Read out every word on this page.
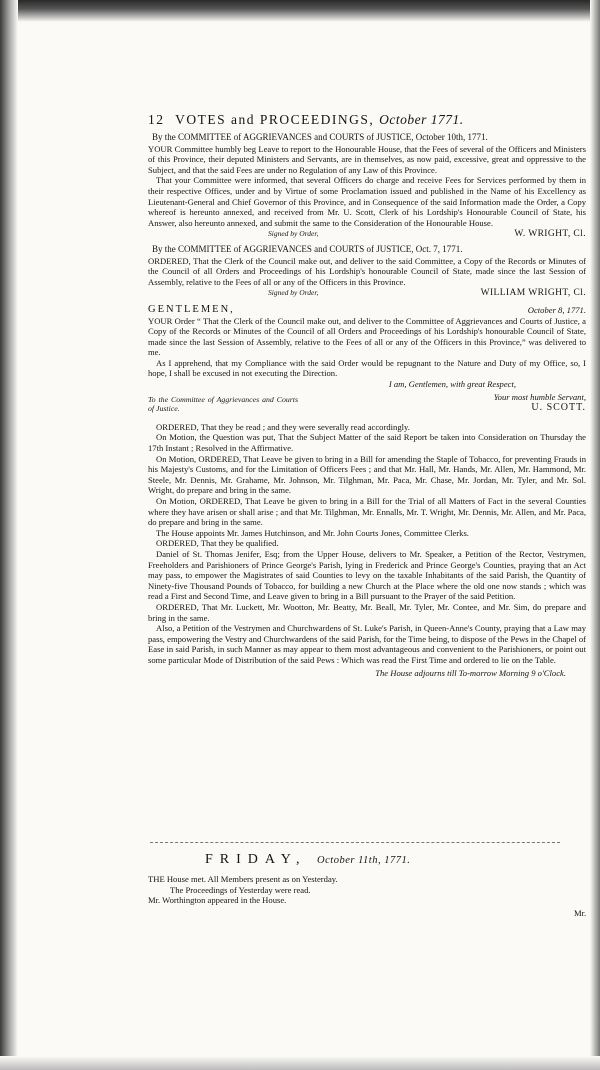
12 VOTES and PROCEEDINGS, October 1771.
By the COMMITTEE of AGGRIEVANCES and COURTS of JUSTICE, October 10th, 1771.

YOUR Committee humbly beg Leave to report to the Honourable House, that the Fees of several of the Officers and Ministers of this Province, their deputed Ministers and Servants, are in themselves, as now paid, excessive, great and oppressive to the Subject, and that the said Fees are under no Regulation of any Law of this Province.

That your Committee were informed, that several Officers do charge and receive Fees for Services performed by them in their respective Offices, under and by Virtue of some Proclamation issued and published in the Name of his Excellency as Lieutenant-General and Chief Governor of this Province, and in Consequence of the said Information made the Order, a Copy whereof is hereunto annexed, and received from Mr. U. Scott, Clerk of his Lordship's Honourable Council of State, his Answer, also hereunto annexed, and submit the same to the Consideration of the Honourable House.

Signed by Order,	W. WRIGHT, Cl.
By the COMMITTEE of AGGRIEVANCES and COURTS of JUSTICE, Oct. 7, 1771.

ORDERED, That the Clerk of the Council make out, and deliver to the said Committee, a Copy of the Records or Minutes of the Council of all Orders and Proceedings of his Lordship's honourable Council of State, made since the last Session of Assembly, relative to the Fees of all or any of the Officers in this Province.

Signed by Order,	WILLIAM WRIGHT, Cl.
GENTLEMEN,	October 8, 1771.

YOUR Order “ That the Clerk of the Council make out, and deliver to the Committee of Aggrievances and Courts of Justice, a Copy of the Records or Minutes of the Council of all Orders and Proceedings of his Lordship's honourable Council of State, made since the last Session of Assembly, relative to the Fees of all or any of the Officers in this Province,” was delivered to me.

As I apprehend, that my Compliance with the said Order would be repugnant to the Nature and Duty of my Office, so, I hope, I shall be excused in not executing the Direction.

I am, Gentlemen, with great Respect,
To the Committee of Aggrievances and Courts of Justice.
Your most humble Servant,
U. SCOTT.

ORDERED, That they be read ; and they were severally read accordingly.

On Motion, the Question was put, That the Subject Matter of the said Report be taken into Consideration on Thursday the 17th Instant ; Resolved in the Affirmative.

On Motion, ORDERED, That Leave be given to bring in a Bill for amending the Staple of Tobacco, for preventing Frauds in his Majesty's Customs, and for the Limitation of Officers Fees ; and that Mr. Hall, Mr. Hands, Mr. Allen, Mr. Hammond, Mr. Steele, Mr. Dennis, Mr. Grahame, Mr. Johnson, Mr. Tilghman, Mr. Paca, Mr. Chase, Mr. Jordan, Mr. Tyler, and Mr. Sol. Wright, do prepare and bring in the same.

On Motion, ORDERED, That Leave be given to bring in a Bill for the Trial of all Matters of Fact in the several Counties where they have arisen or shall arise ; and that Mr. Tilghman, Mr. Ennalls, Mr. T. Wright, Mr. Dennis, Mr. Allen, and Mr. Paca, do prepare and bring in the same.

The House appoints Mr. James Hutchinson, and Mr. John Courts Jones, Committee Clerks.

ORDERED, That they be qualified.

Daniel of St. Thomas Jenifer, Esq; from the Upper House, delivers to Mr. Speaker, a Petition of the Rector, Vestrymen, Freeholders and Parishioners of Prince George's Parish, lying in Frederick and Prince George's Counties, praying that an Act may pass, to empower the Magistrates of said Counties to levy on the taxable Inhabitants of the said Parish, the Quantity of Ninety-five Thousand Pounds of Tobacco, for building a new Church at the Place where the old one now stands ; which was read a First and Second Time, and Leave given to bring in a Bill pursuant to the Prayer of the said Petition.

ORDERED, That Mr. Luckett, Mr. Wootton, Mr. Beatty, Mr. Beall, Mr. Tyler, Mr. Contee, and Mr. Sim, do prepare and bring in the same.

Also, a Petition of the Vestrymen and Churchwardens of St. Luke's Parish, in Queen-Anne's County, praying that a Law may pass, empowering the Vestry and Churchwardens of the said Parish, for the Time being, to dispose of the Pews in the Chapel of Ease in said Parish, in such Manner as may appear to them most advantageous and convenient to the Parishioners, or point out some particular Mode of Distribution of the said Pews : Which was read the First Time and ordered to lie on the Table.

The House adjourns till To-morrow Morning 9 o'Clock.
FRIDAY, October 11th, 1771.

THE House met. All Members present as on Yesterday.

The Proceedings of Yesterday were read.

Mr. Worthington appeared in the House.

Mr.
